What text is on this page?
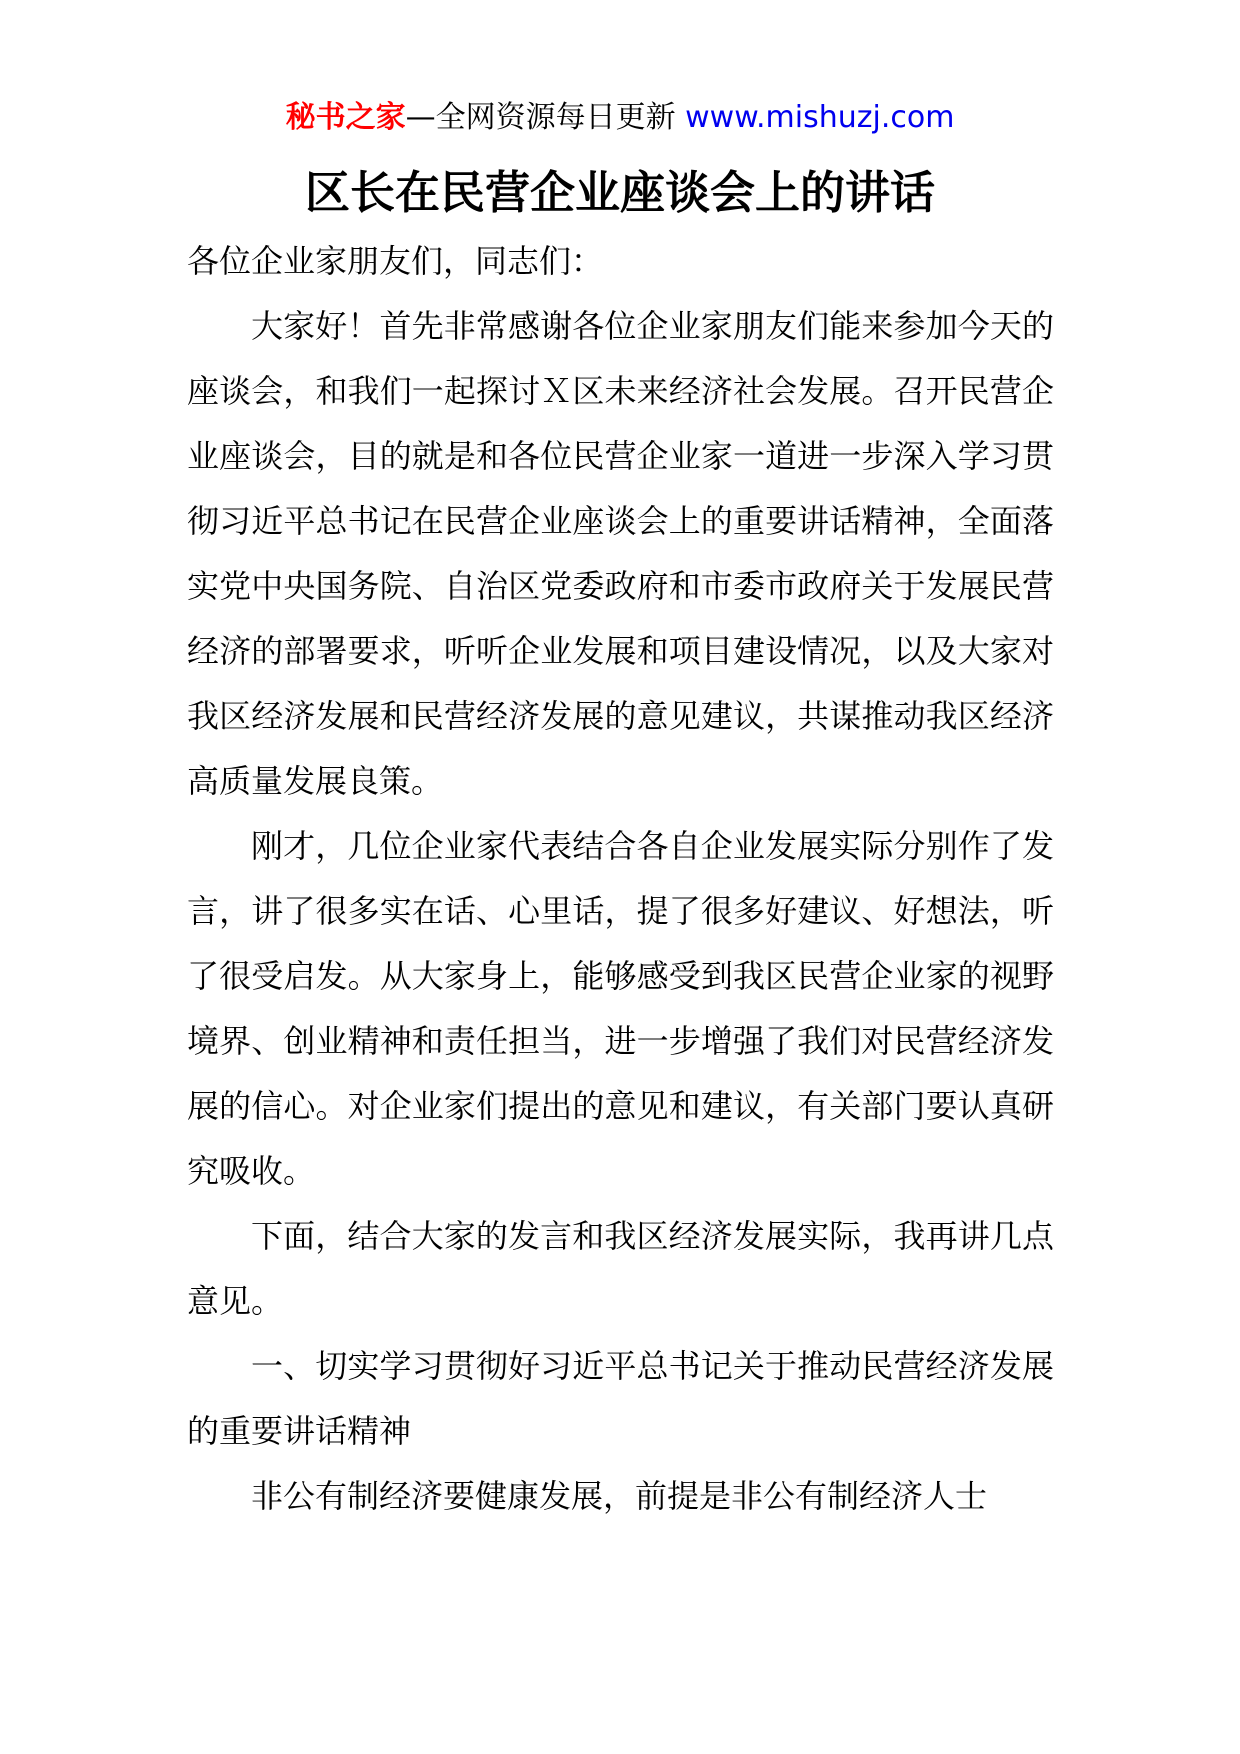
秘书之家—全网资源每日更新 www.mishuzj.com
区长在民营企业座谈会上的讲话

各位企业家朋友们，同志们：

大家好！首先非常感谢各位企业家朋友们能来参加今天的座谈会，和我们一起探讨Ｘ区未来经济社会发展。召开民营企业座谈会，目的就是和各位民营企业家一道进一步深入学习贯彻习近平总书记在民营企业座谈会上的重要讲话精神，全面落实党中央国务院、自治区党委政府和市委市政府关于发展民营经济的部署要求，听听企业发展和项目建设情况，以及大家对我区经济发展和民营经济发展的意见建议，共谋推动我区经济高质量发展良策。

刚才，几位企业家代表结合各自企业发展实际分别作了发言，讲了很多实在话、心里话，提了很多好建议、好想法，听了很受启发。从大家身上，能够感受到我区民营企业家的视野境界、创业精神和责任担当，进一步增强了我们对民营经济发展的信心。对企业家们提出的意见和建议，有关部门要认真研究吸收。

下面，结合大家的发言和我区经济发展实际，我再讲几点意见。

一、切实学习贯彻好习近平总书记关于推动民营经济发展的重要讲话精神

非公有制经济要健康发展，前提是非公有制经济人士
